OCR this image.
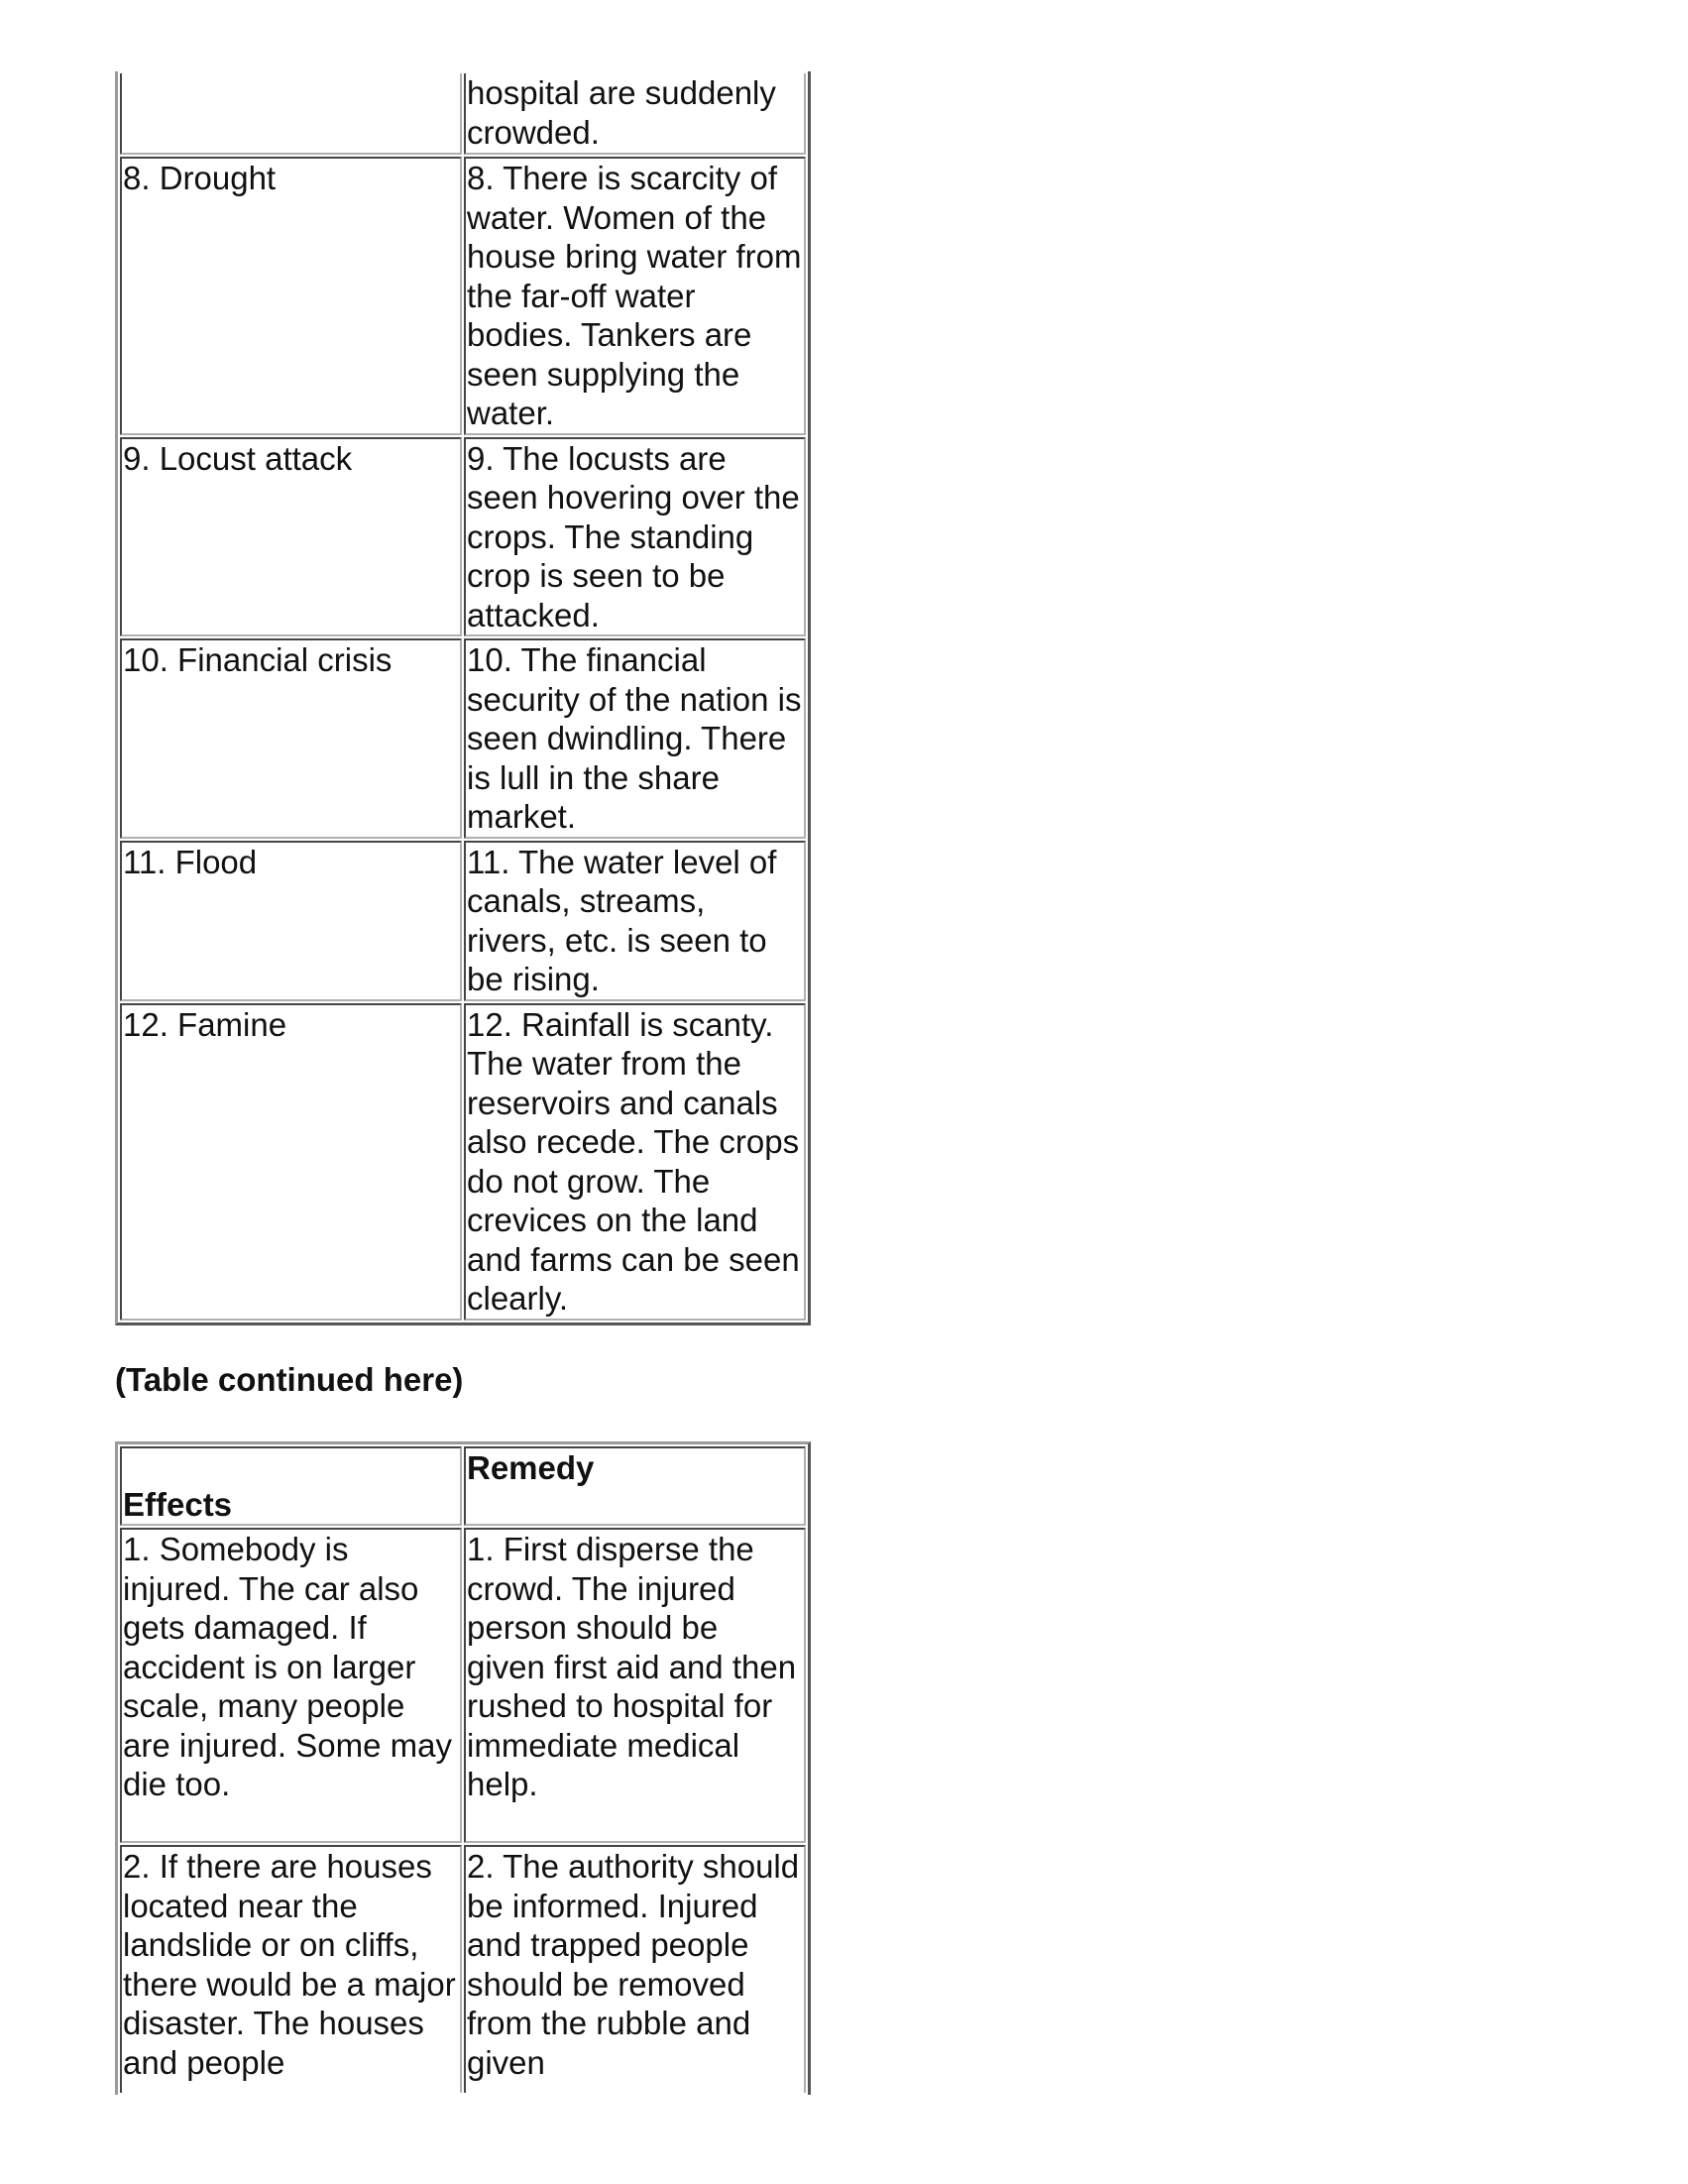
	hospital are suddenly crowded.
8. Drought	8. There is scarcity of water. Women of the house bring water from the far-off water bodies. Tankers are seen supplying the water.
9. Locust attack	9. The locusts are seen hovering over the crops. The standing crop is seen to be attacked.
10. Financial crisis	10. The financial security of the nation is seen dwindling. There is lull in the share market.
11. Flood	11. The water level of canals, streams, rivers, etc. is seen to be rising.
12. Famine	12. Rainfall is scanty. The water from the reservoirs and canals also recede. The crops do not grow. The crevices on the land and farms can be seen clearly.

(Table continued here)

Effects	Remedy
1. Somebody is injured. The car also gets damaged. If accident is on larger scale, many people are injured. Some may die too.	1. First disperse the crowd. The injured person should be given first aid and then rushed to hospital for immediate medical help.
2. If there are houses located near the landslide or on cliffs, there would be a major disaster. The houses and people	2. The authority should be informed. Injured and trapped people should be removed from the rubble and given
